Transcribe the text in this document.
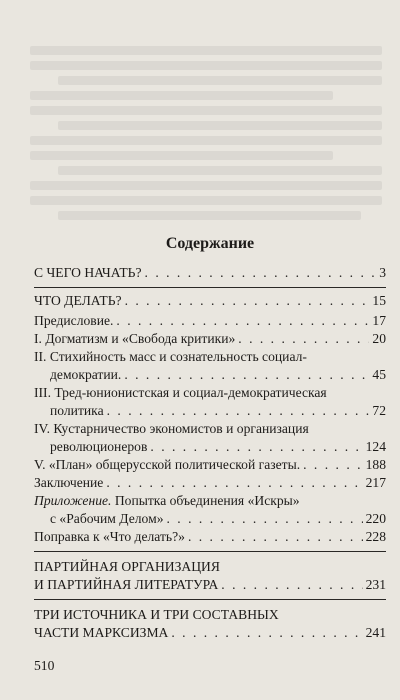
Содержание
С ЧЕГО НАЧАТЬ? . . .	3
ЧТО ДЕЛАТЬ? . . .	15
Предисловие. . . .	17
I. Догматизм и «Свобода критики» . . .	20
II. Стихийность масс и сознательность социал-
демократии. . . .	45
III. Тред-юнионистская и социал-демократическая
политика . . .	72
IV. Кустарничество экономистов и организация
революционеров . . .	124
V. «План» общерусской политической газеты. . . .	188
Заключение . . .	217
Приложение. Попытка объединения «Искры»
с «Рабочим Делом» . . .	220
Поправка к «Что делать?» . . .	228
ПАРТИЙНАЯ ОРГАНИЗАЦИЯ
И ПАРТИЙНАЯ ЛИТЕРАТУРА . . .	231
ТРИ ИСТОЧНИКА И ТРИ СОСТАВНЫХ
ЧАСТИ МАРКСИЗМА . . .	241
510
